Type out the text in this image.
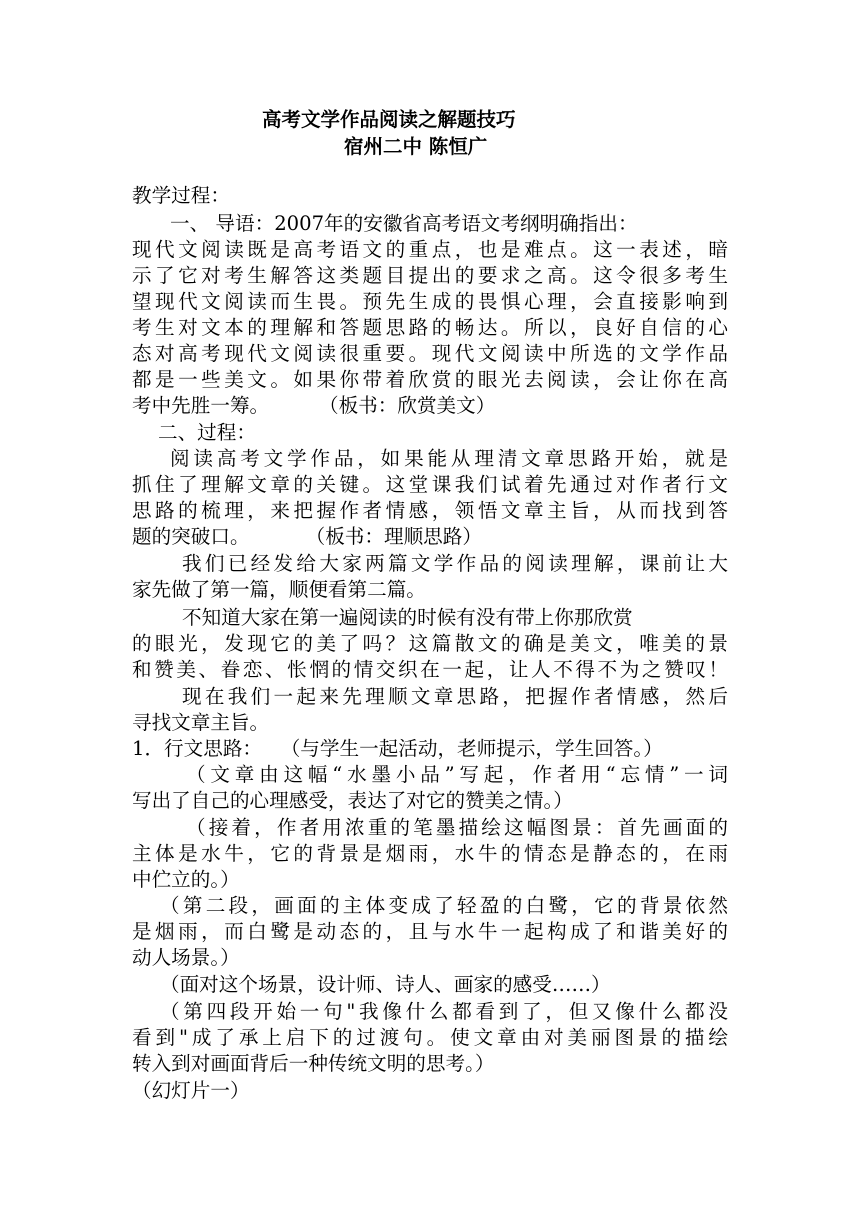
高考文学作品阅读之解题技巧
宿州二中 陈恒广
教学过程：
一、 导语：2007年的安徽省高考语文考纲明确指出：
现代文阅读既是高考语文的重点，也是难点。这一表述，暗
示了它对考生解答这类题目提出的要求之高。这令很多考生
望现代文阅读而生畏。预先生成的畏惧心理，会直接影响到
考生对文本的理解和答题思路的畅达。所以，良好自信的心
态对高考现代文阅读很重要。现代文阅读中所选的文学作品
都是一些美文。如果你带着欣赏的眼光去阅读，会让你在高
考中先胜一筹。        （板书：欣赏美文）
二、过程：
阅读高考文学作品，如果能从理清文章思路开始，就是
抓住了理解文章的关键。这堂课我们试着先通过对作者行文
思路的梳理，来把握作者情感，领悟文章主旨，从而找到答
题的突破口。         （板书：理顺思路）
我们已经发给大家两篇文学作品的阅读理解，课前让大
家先做了第一篇，顺便看第二篇。
不知道大家在第一遍阅读的时候有没有带上你那欣赏
的眼光，发现它的美了吗？这篇散文的确是美文，唯美的景
和赞美、眷恋、怅惘的情交织在一起，让人不得不为之赞叹！
现在我们一起来先理顺文章思路，把握作者情感，然后
寻找文章主旨。
1．行文思路：   （与学生一起活动，老师提示，学生回答。）
（文章由这幅“水墨小品”写起，作者用“忘情”一词
写出了自己的心理感受，表达了对它的赞美之情。）
（接着，作者用浓重的笔墨描绘这幅图景：首先画面的
主体是水牛，它的背景是烟雨，水牛的情态是静态的，在雨
中伫立的。）
（第二段，画面的主体变成了轻盈的白鹭，它的背景依然
是烟雨，而白鹭是动态的，且与水牛一起构成了和谐美好的
动人场景。）
（面对这个场景，设计师、诗人、画家的感受……）
（第四段开始一句"我像什么都看到了，但又像什么都没
看到"成了承上启下的过渡句。使文章由对美丽图景的描绘
转入到对画面背后一种传统文明的思考。）
（幻灯片一）
